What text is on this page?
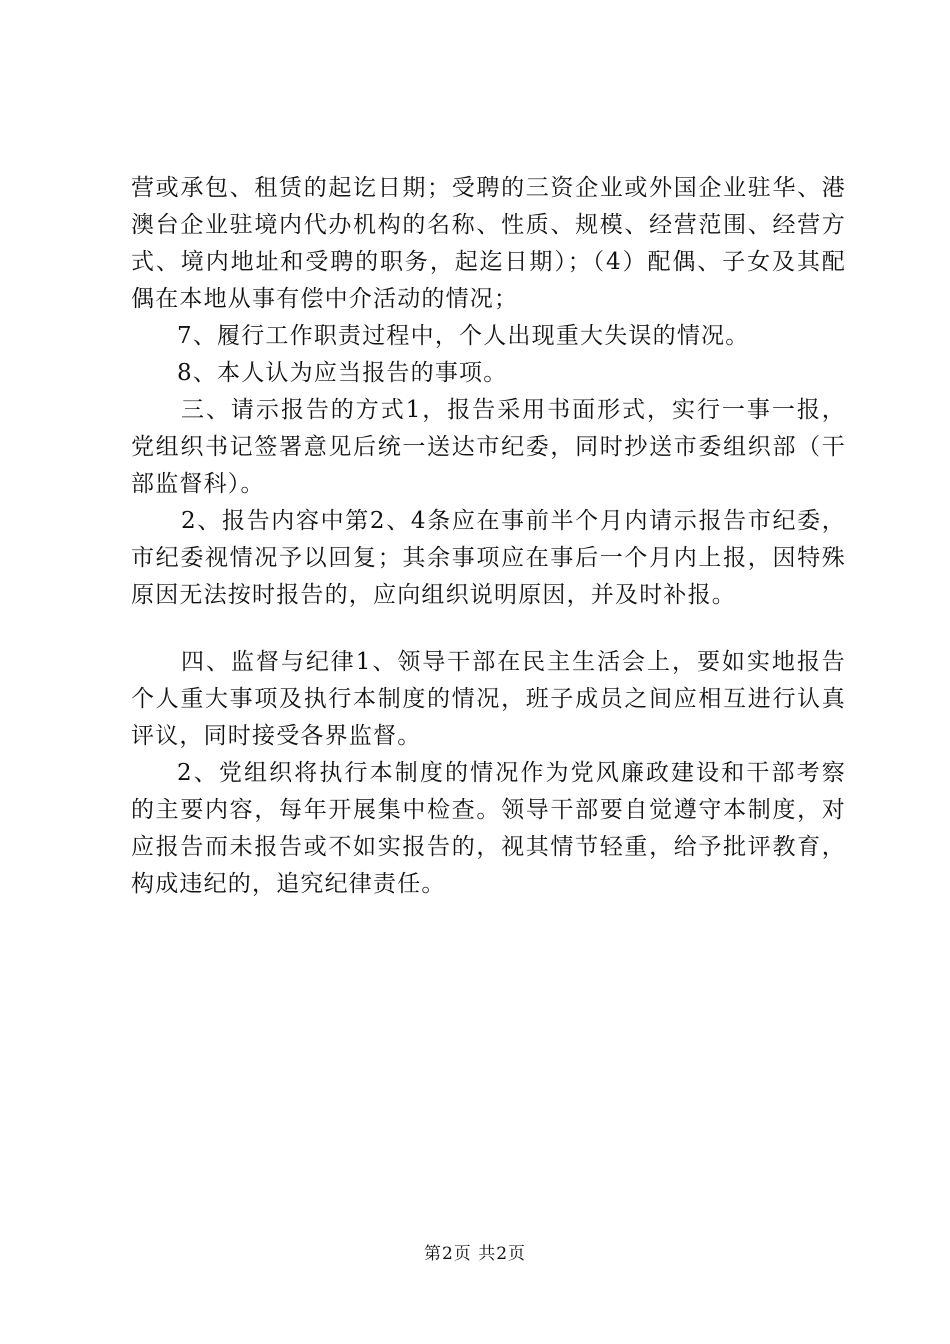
营或承包、租赁的起讫日期；受聘的三资企业或外国企业驻华、港澳台企业驻境内代办机构的名称、性质、规模、经营范围、经营方式、境内地址和受聘的职务，起迄日期）；（4）配偶、子女及其配偶在本地从事有偿中介活动的情况；

7、履行工作职责过程中，个人出现重大失误的情况。

8、本人认为应当报告的事项。

三、请示报告的方式1，报告采用书面形式，实行一事一报，党组织书记签署意见后统一送达市纪委，同时抄送市委组织部（干部监督科）。

2、报告内容中第2、4条应在事前半个月内请示报告市纪委，市纪委视情况予以回复；其余事项应在事后一个月内上报，因特殊原因无法按时报告的，应向组织说明原因，并及时补报。

四、监督与纪律1、领导干部在民主生活会上，要如实地报告个人重大事项及执行本制度的情况，班子成员之间应相互进行认真评议，同时接受各界监督。

2、党组织将执行本制度的情况作为党风廉政建设和干部考察的主要内容，每年开展集中检查。领导干部要自觉遵守本制度，对应报告而未报告或不如实报告的，视其情节轻重，给予批评教育，构成违纪的，追究纪律责任。

第2页 共2页
